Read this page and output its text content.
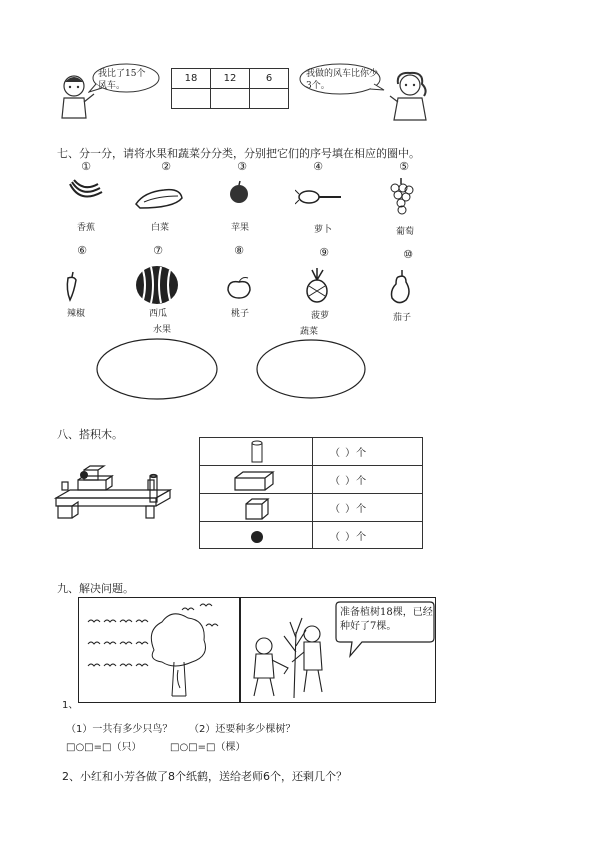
我比了15个风车。
18	12	6
			我做的风车比你少3个。
七、分一分，请将水果和蔬菜分分类，分别把它们的序号填在相应的圈中。
①	②	③	④	⑤
香蕉	白菜	苹果	萝卜	葡萄
⑥	⑦	⑧	⑨	⑩
辣椒	西瓜	桃子	菠萝	茄子
水果	蔬菜
八、搭积木。
（ ）个
（ ）个
（ ）个
（ ）个
九、解决问题。
准备植树18棵，已经种好了7棵。
1、
（1）一共有多少只鸟？ （2）还要种多少棵树？
□○□=□（只）	□○□=□（棵）
2、小红和小芳各做了8个纸鹤，送给老师6个，还剩几个？
